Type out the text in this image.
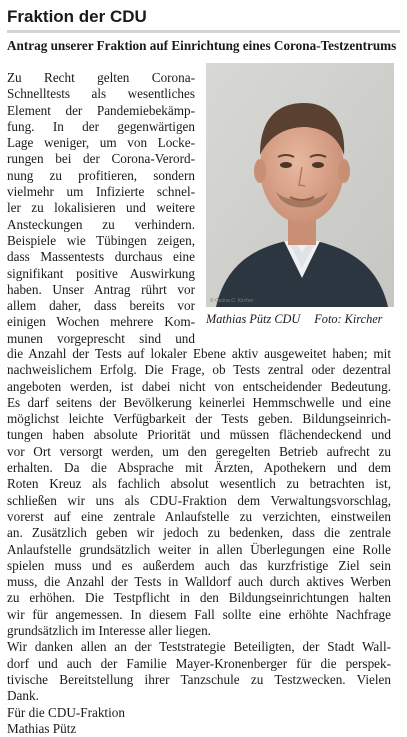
Fraktion der CDU
Antrag unserer Fraktion auf Einrichtung eines Corona-Testzentrums
Zu Recht gelten Corona-
Schnelltests als wesentliches
Element der Pandemiebekämp-
fung. In der gegenwärtigen
Lage weniger, um von Locke-
rungen bei der Corona-Verord-
nung zu profitieren, sondern
vielmehr um Infizierte schnel-
ler zu lokalisieren und weitere
Ansteckungen zu verhindern.
Beispiele wie Tübingen zeigen,
dass Massentests durchaus eine
signifikant positive Auswirkung
haben. Unser Antrag rührt vor
allem daher, dass bereits vor
einigen Wochen mehrere Kom-
munen vorgeprescht sind und
© Carina C. Kircher
Mathias Pütz CDU Foto: Kircher
die Anzahl der Tests auf lokaler Ebene aktiv ausgeweitet haben; mit
nachweislichem Erfolg. Die Frage, ob Tests zentral oder dezentral
angeboten werden, ist dabei nicht von entscheidender Bedeutung.
Es darf seitens der Bevölkerung keinerlei Hemmschwelle und eine
möglichst leichte Verfügbarkeit der Tests geben. Bildungseinrich-
tungen haben absolute Priorität und müssen flächendeckend und
vor Ort versorgt werden, um den geregelten Betrieb aufrecht zu
erhalten. Da die Absprache mit Ärzten, Apothekern und dem
Roten Kreuz als fachlich absolut wesentlich zu betrachten ist,
schließen wir uns als CDU-Fraktion dem Verwaltungsvorschlag,
vorerst auf eine zentrale Anlaufstelle zu verzichten, einstweilen
an. Zusätzlich geben wir jedoch zu bedenken, dass die zentrale
Anlaufstelle grundsätzlich weiter in allen Überlegungen eine Rolle
spielen muss und es außerdem auch das kurzfristige Ziel sein
muss, die Anzahl der Tests in Walldorf auch durch aktives Werben
zu erhöhen. Die Testpflicht in den Bildungseinrichtungen halten
wir für angemessen. In diesem Fall sollte eine erhöhte Nachfrage
grundsätzlich im Interesse aller liegen.
Wir danken allen an der Teststrategie Beteiligten, der Stadt Wall-
dorf und auch der Familie Mayer-Kronenberger für die perspek-
tivische Bereitstellung ihrer Tanzschule zu Testzwecken. Vielen
Dank.
Für die CDU-Fraktion
Mathias Pütz
